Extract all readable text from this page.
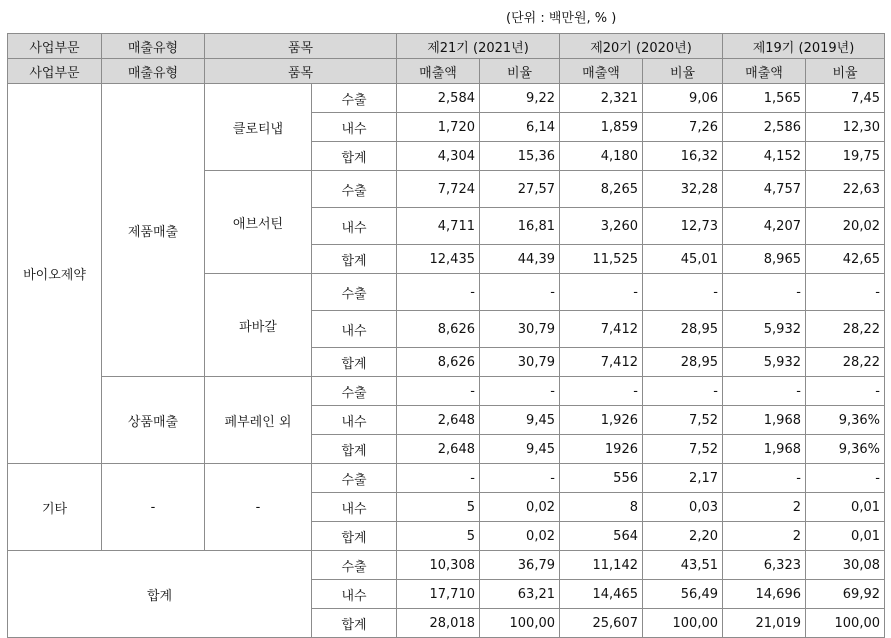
(단위 : 백만원, % )
사업부문	매출유형	품목		제21기 (2021년)		제20기 (2020년)		제19기 (2019년)	
사업부문	매출유형	품목		매출액	비율	매출액	비율	매출액	비율
바이오제약	제품매출	클로티냅	수출	2,584	9,22	2,321	9,06	1,565	7,45
			내수	1,720	6,14	1,859	7,26	2,586	12,30
			합계	4,304	15,36	4,180	16,32	4,152	19,75
		애브서틴	수출	7,724	27,57	8,265	32,28	4,757	22,63
			내수	4,711	16,81	3,260	12,73	4,207	20,02
			합계	12,435	44,39	11,525	45,01	8,965	42,65
		파바갈	수출	-	-	-	-	-	-
			내수	8,626	30,79	7,412	28,95	5,932	28,22
			합계	8,626	30,79	7,412	28,95	5,932	28,22
	상품매출	페부레인 외	수출	-	-	-	-	-	-
			내수	2,648	9,45	1,926	7,52	1,968	9,36%
			합계	2,648	9,45	1926	7,52	1,968	9,36%
기타	-	-	수출	-	-	556	2,17	-	-
			내수	5	0,02	8	0,03	2	0,01
			합계	5	0,02	564	2,20	2	0,01
합계			수출	10,308	36,79	11,142	43,51	6,323	30,08
			내수	17,710	63,21	14,465	56,49	14,696	69,92
			합계	28,018	100,00	25,607	100,00	21,019	100,00
